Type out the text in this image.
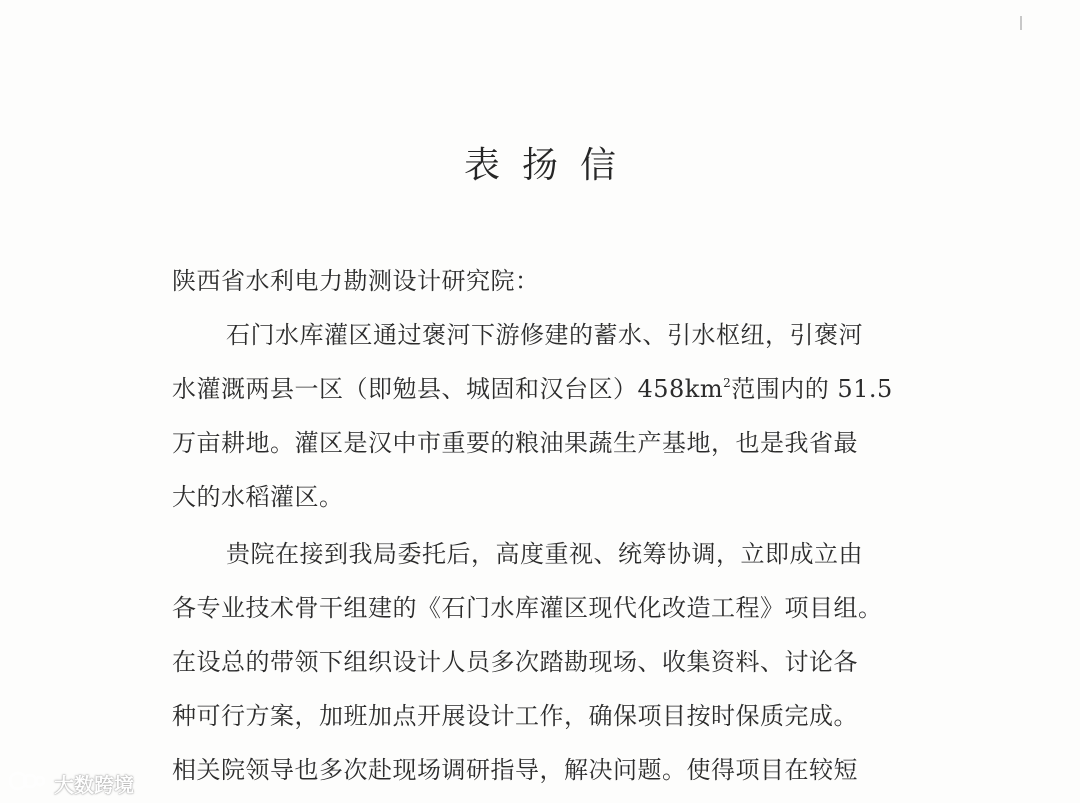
表扬信
陕西省水利电力勘测设计研究院：
石门水库灌区通过褒河下游修建的蓄水、引水枢纽，引褒河
水灌溉两县一区（即勉县、城固和汉台区）$458km^2$范围内的 51.5
万亩耕地。灌区是汉中市重要的粮油果蔬生产基地，也是我省最
大的水稻灌区。
贵院在接到我局委托后，高度重视、统筹协调，立即成立由
各专业技术骨干组建的《石门水库灌区现代化改造工程》项目组。
在设总的带领下组织设计人员多次踏勘现场、收集资料、讨论各
种可行方案，加班加点开展设计工作，确保项目按时保质完成。
相关院领导也多次赴现场调研指导，解决问题。使得项目在较短
大数跨境
